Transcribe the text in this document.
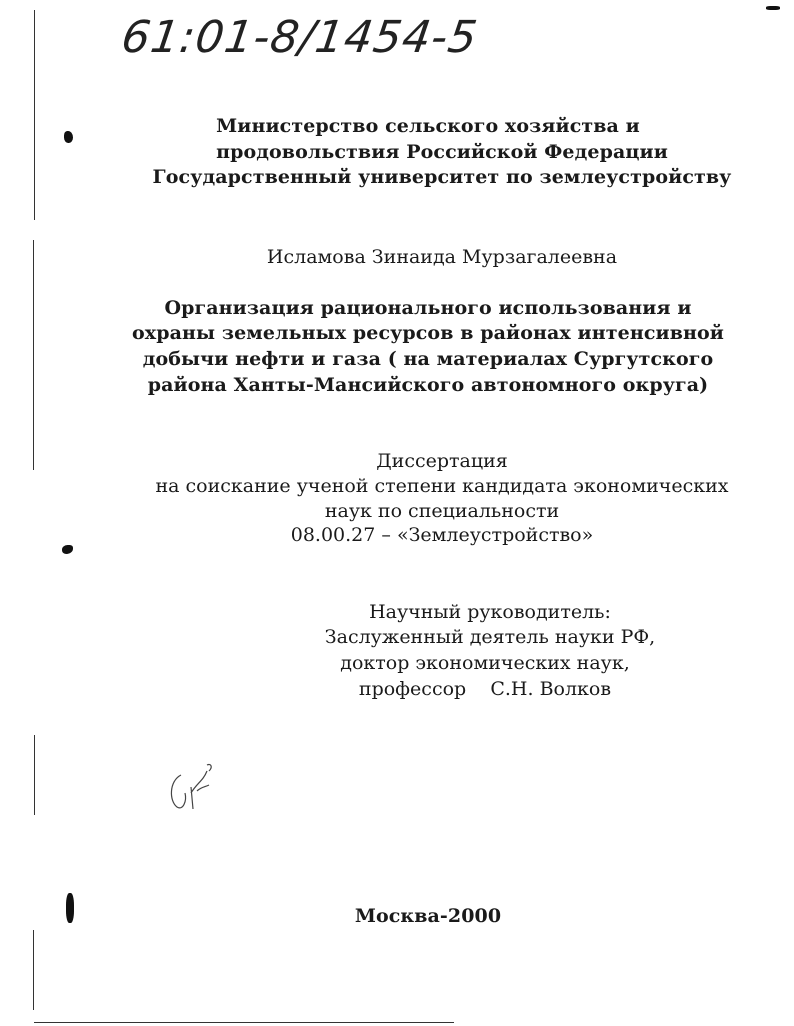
61:01-8/1454-5
Министерство сельского хозяйства и
продовольствия Российской Федерации
Государственный университет по землеустройству
Исламова Зинаида Мурзагалеевна
Организация рационального использования и
охраны земельных ресурсов в районах интенсивной
добычи нефти и газа ( на материалах Сургутского
района Ханты-Мансийского автономного округа)
Диссертация
на соискание ученой степени кандидата экономических
наук по специальности
08.00.27 – «Землеустройство»
Научный руководитель:
Заслуженный деятель науки РФ,
доктор экономических наук,
профессор    С.Н. Волков
Москва-2000
